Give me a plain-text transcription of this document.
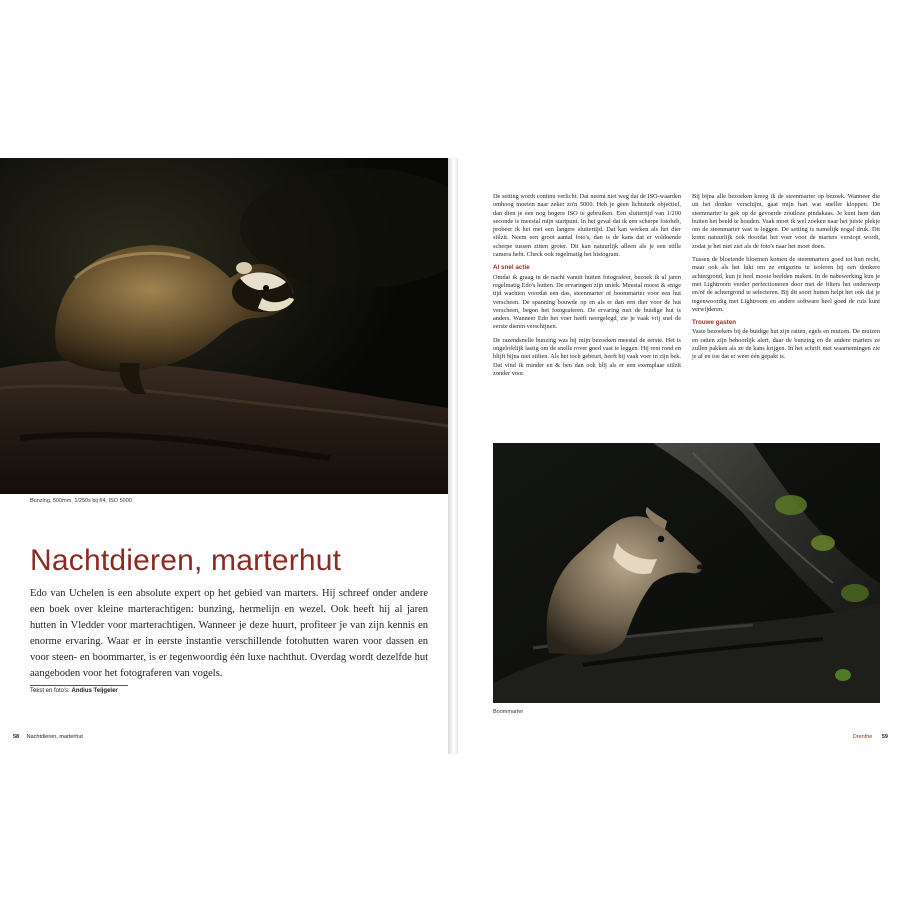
Bunzing, 500mm, 1/250s bij f/4, ISO 5000
Nachtdieren, marterhut

Edo van Uchelen is een absolute expert op het gebied van marters. Hij schreef onder andere een boek over kleine marterachtigen: bunzing, hermelijn en wezel. Ook heeft hij al jaren hutten in Vledder voor marterachtigen. Wanneer je deze huurt, profiteer je van zijn kennis en enorme ervaring. Waar er in eerste instantie verschillende fotohutten waren voor dassen en voor steen- en boommarter, is er tegenwoordig één luxe nachthut. Overdag wordt dezelfde hut aangeboden voor het fotograferen van vogels.

Tekst en foto's: Andius Teijgeler
58 Nachtdieren, marterhut

De setting wordt continu verlicht. Dat neemt niet weg dat de ISO-waarden omhoog moeten naar zeker zo'n 5000. Heb je geen lichtsterk objectief, dan dien je een nog hogere ISO te gebruiken. Een sluitertijd van 1/200 seconde is meestal mijn startpunt. In het geval dat ik een scherpe fotoheb, probeer ik het met een langere sluitertijd. Dat kan werken als het dier stilzit. Neem een groot aantal foto's, dan is de kans dat er voldoende scherpe tussen zitten groter. Dit kan natuurlijk alleen als je een stille camera hebt. Check ook regelmatig het histogram.

Al snel actie

Omdat ik graag in de nacht vanuit hutten fotografeer, bezoek ik al jaren regelmatig Edo's hutten. De ervaringen zijn uniek. Meestal moest & enige tijd wachten voordat een das, steenmarter of boommarter voor een hut verscheen. De spanning bouwde op en als er dan een dier voor de hut verscheen, begon het fotograferen. De ervaring met de buidige hut is anders. Wanneer Edo het voer heeft neergelegd, zie je vaak vrij snel de eerste dieren verschijnen.

De razendsnelle bunzing was bij mijn bezoeken meestal de eerste. Het is ongelofelijk lastig om de snelle rover goed vast te leggen. Hij rent rond en blijft bijna niet stilten. Als het toch gebeurt, heeft hij vaak voer in zijn bek. Dat vind ik minder en & ben dan ook blij als er een exemplaar stilzit zonder voor.

Bij bijna alle bezoeken kreeg ik de steenmarter op bezoek. Wanneer die uit het donker verschijnt, gaat mijn hart wat sneller kloppen. De steenmarter is gek op de gevoerde zoutloze pindakaas. Je kunt hem dan buiten het beeld te houden. Vaak moet ik wel zoeken naar het juiste plekje om de steenmarter vast te leggen. De setting is namelijk nogal druk. Dit komt natuurlijk ook doordat het voer voor de marters verstopt wordt, zodat je het niet ziet als de foto's naar het moet doen.

Tussen de bloeiende bloemen komen de steenmarters goed tot hun recht, maar ook als het lukt om ze enigszins te isoleren bij een donkere achtergrond, kun je heel mooie beelden maken. In de nabewerking kun je met Lightroom verder perfectioneren door met de filters het onderwerp en/of de achtergrond te selecteren. Bij dit soort hutten helpt het ook dat je tegenwoordig met Lightroom en andere software heel goed de ruis kunt verwijderen.

Trouwe gasten

Vaste bezoekers bij de buidige hut zijn ratten, egels en muizen. De muizen en ratten zijn behoorlijk alert, daar de bunzing en de andere marters ze zullen pakken als ze de kans krijgen. In het schrift met waarnemingen zie je af en toe dat er weer één gepakt is.

Boommarter
Drenthe 59
